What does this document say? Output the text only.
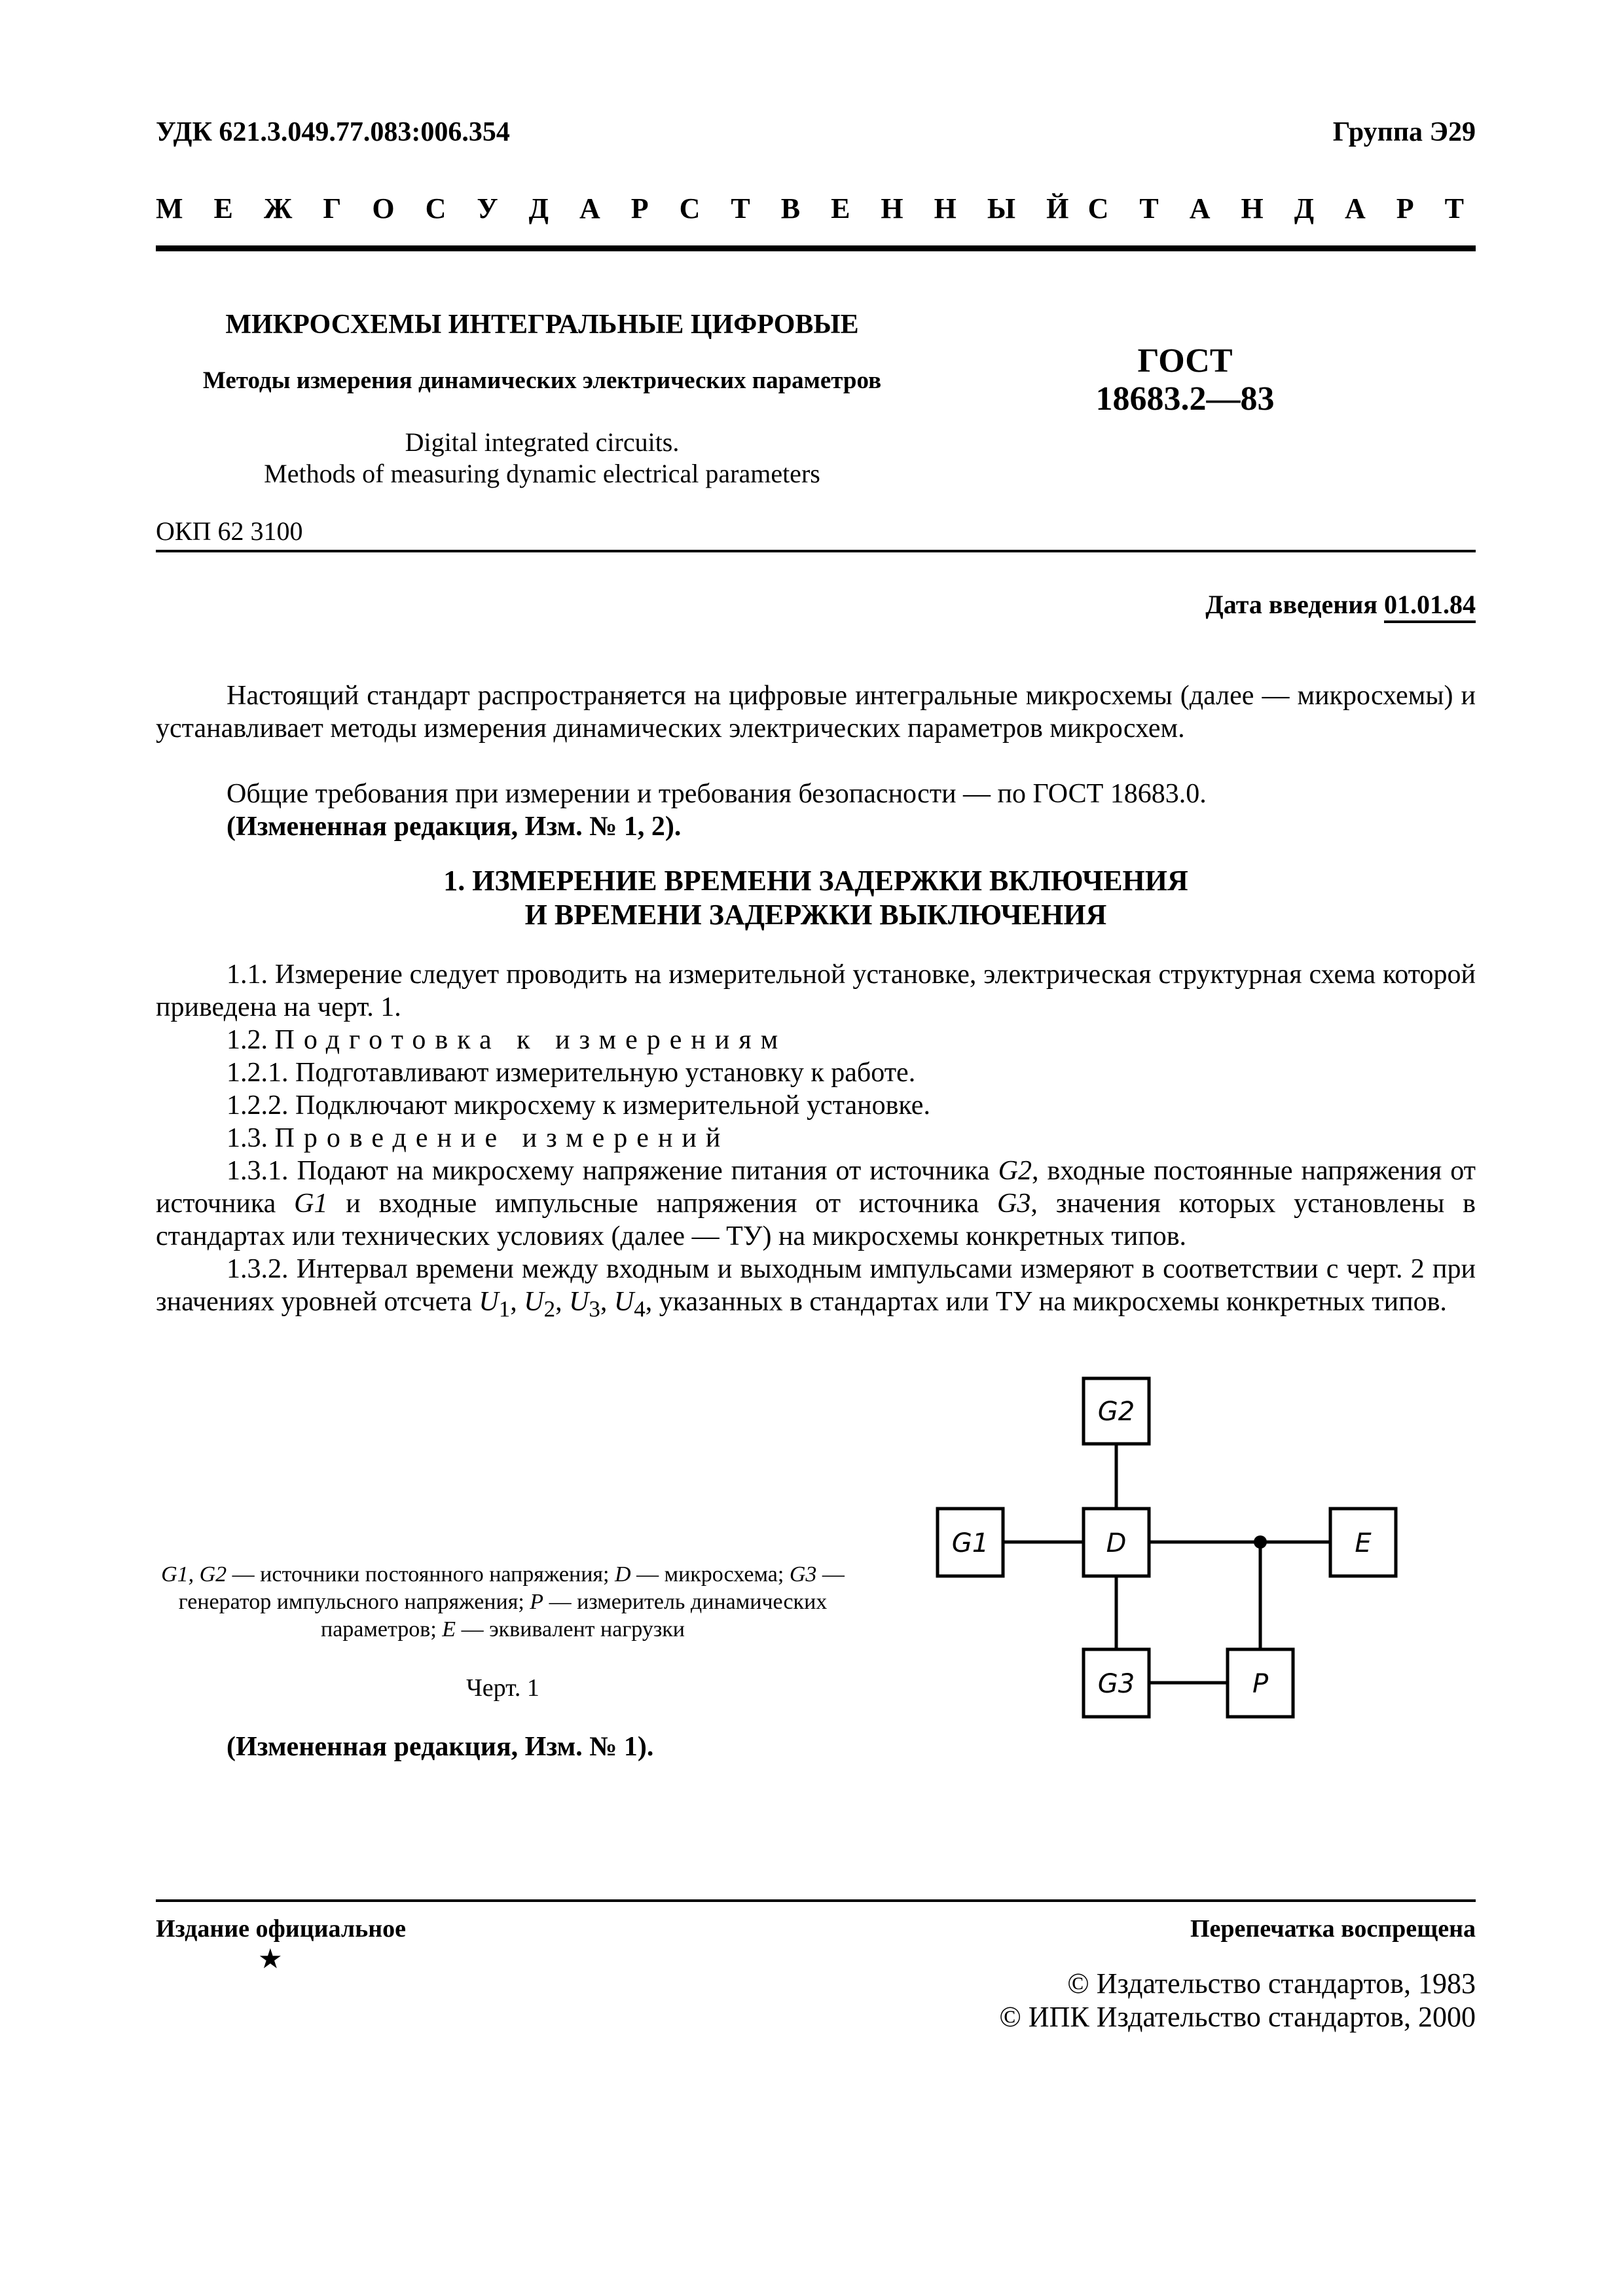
УДК 621.3.049.77.083:006.354	Группа Э29
М Е Ж Г О С У Д А Р С Т В Е Н Н Ы Й С Т А Н Д А Р Т
МИКРОСХЕМЫ ИНТЕГРАЛЬНЫЕ ЦИФРОВЫЕ
Методы измерения динамических электрических параметров
Digital integrated circuits.
Methods of measuring dynamic electrical parameters
ГОСТ
18683.2—83
ОКП 62 3100
Дата введения 01.01.84
Настоящий стандарт распространяется на цифровые интегральные микросхемы (далее — микросхемы) и устанавливает методы измерения динамических электрических параметров микросхем.
Общие требования при измерении и требования безопасности — по ГОСТ 18683.0.
(Измененная редакция, Изм. № 1, 2).
1. ИЗМЕРЕНИЕ ВРЕМЕНИ ЗАДЕРЖКИ ВКЛЮЧЕНИЯ
И ВРЕМЕНИ ЗАДЕРЖКИ ВЫКЛЮЧЕНИЯ
1.1. Измерение следует проводить на измерительной установке, электрическая структурная схема которой приведена на черт. 1.
1.2. Подготовка к измерениям
1.2.1. Подготавливают измерительную установку к работе.
1.2.2. Подключают микросхему к измерительной установке.
1.3. Проведение измерений
1.3.1. Подают на микросхему напряжение питания от источника G2, входные постоянные напряжения от источника G1 и входные импульсные напряжения от источника G3, значения которых установлены в стандартах или технических условиях (далее — ТУ) на микросхемы конкретных типов.
1.3.2. Интервал времени между входным и выходным импульсами измеряют в соответствии с черт. 2 при значениях уровней отсчета $U_1$, $U_2$, $U_3$, $U_4$, указанных в стандартах или ТУ на микросхемы конкретных типов.
G1, G2 — источники постоянного напряжения; D — микросхема; G3 — генератор импульсного напряжения; P — измеритель динамических параметров; E — эквивалент нагрузки
Черт. 1
G2
G1	D	E
G3	P
(Измененная редакция, Изм. № 1).
Издание официальное
★
Перепечатка воспрещена
© Издательство стандартов, 1983
© ИПК Издательство стандартов, 2000
